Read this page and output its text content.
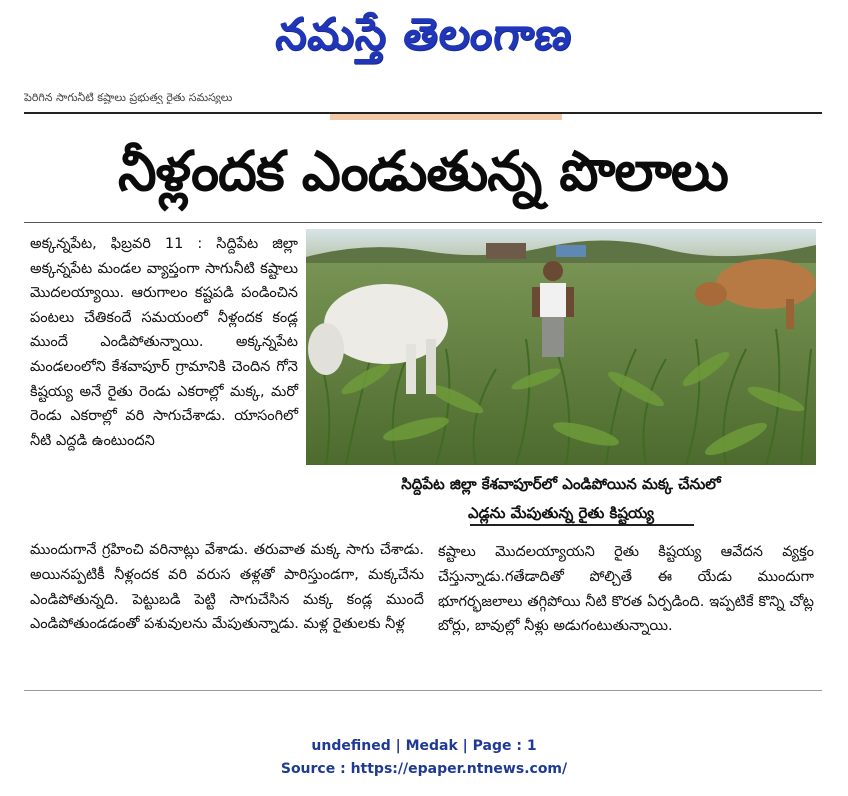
నమస్తే తెలంగాణ
పెరిగిన సాగునీటి కష్టాలు ప్రభుత్వ రైతు సమస్యలు
నీళ్లందక ఎండుతున్న పొలాలు

అక్కన్నపేట, ఫిబ్రవరి 11 : సిద్దిపేట జిల్లా అక్కన్నపేట మండల వ్యాప్తంగా సాగునీటి కష్టాలు మొదలయ్యాయి. ఆరుగాలం కష్టపడి పండించిన పంటలు చేతికందే సమయంలో నీళ్లందక కండ్ల ముందే ఎండిపోతున్నాయి. అక్కన్నపేట మండలంలోని కేశవాపూర్ గ్రామానికి చెందిన గోనె కిష్టయ్య అనే రైతు రెండు ఎకరాల్లో మక్క, మరో రెండు ఎకరాల్లో వరి సాగుచేశాడు. యాసంగిలో నీటి ఎద్దడి ఉంటుందని

సిద్దిపేట జిల్లా కేశవాపూర్‌లో ఎండిపోయిన మక్క చేనులో
ఎడ్లను మేపుతున్న రైతు కిష్టయ్య

ముందుగానే గ్రహించి వరినాట్లు వేశాడు. తరువాత మక్క సాగు చేశాడు. అయినప్పటికీ నీళ్లందక వరి వరుస తళ్లతో పారిస్తుండగా, మక్కచేను ఎండిపోతున్నది. పెట్టుబడి పెట్టి సాగుచేసిన మక్క కండ్ల ముందే ఎండిపోతుండడంతో పశువులను మేపుతున్నాడు. మళ్ల రైతులకు నీళ్ల

కష్టాలు మొదలయ్యాయని రైతు కిష్టయ్య ఆవేదన వ్యక్తం చేస్తున్నాడు.గతేడాదితో పోల్చితే ఈ యేడు ముందుగా భూగర్భజలాలు తగ్గిపోయి నీటి కొరత ఏర్పడింది. ఇప్పటికే కొన్ని చోట్ల బోర్లు, బావుల్లో నీళ్లు అడుగంటుతున్నాయి.

undefined | Medak | Page : 1
Source : https://epaper.ntnews.com/
